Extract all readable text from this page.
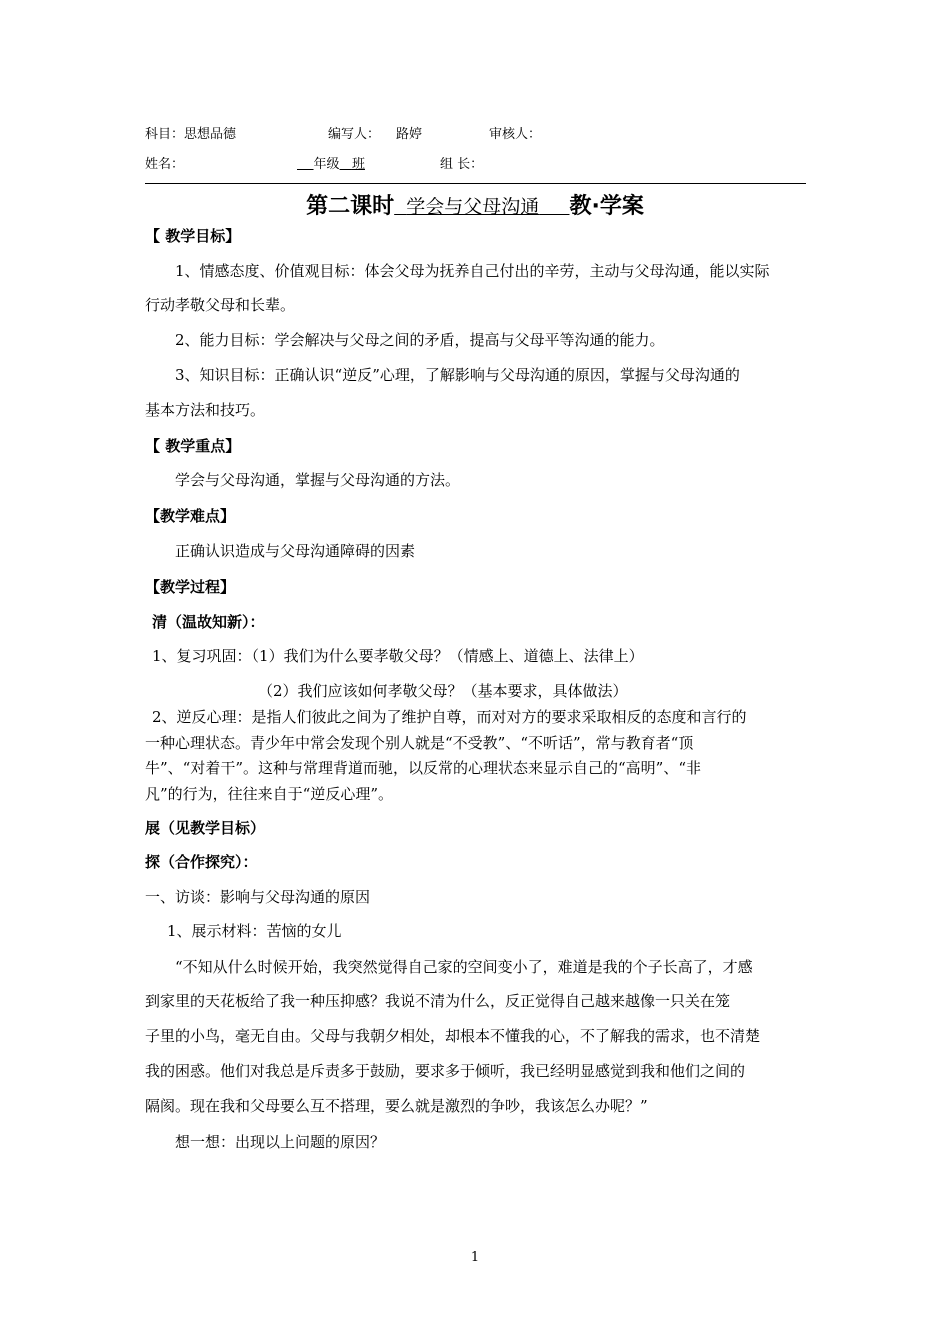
科目：思想品德	编写人： 路婷	审核人：
姓名：	年级 班	组 长：
第二课时 学会与父母沟通 教·学案
【 教学目标】
1、情感态度、价值观目标：体会父母为抚养自己付出的辛劳，主动与父母沟通，能以实际
行动孝敬父母和长辈。
2、能力目标：学会解决与父母之间的矛盾，提高与父母平等沟通的能力。
3、知识目标：正确认识“逆反”心理，了解影响与父母沟通的原因，掌握与父母沟通的
基本方法和技巧。
【 教学重点】
学会与父母沟通，掌握与父母沟通的方法。
【教学难点】
正确认识造成与父母沟通障碍的因素
【教学过程】
清（温故知新）：
1、复习巩固：（1）我们为什么要孝敬父母？（情感上、道德上、法律上）
（2）我们应该如何孝敬父母？（基本要求，具体做法）
2、逆反心理：是指人们彼此之间为了维护自尊，而对对方的要求采取相反的态度和言行的
一种心理状态。青少年中常会发现个别人就是“不受教”、“不听话”，常与教育者“顶
牛”、“对着干”。这种与常理背道而驰，以反常的心理状态来显示自己的“高明”、“非
凡”的行为，往往来自于“逆反心理”。
展（见教学目标）
探（合作探究）：
一、访谈：影响与父母沟通的原因
1、展示材料：苦恼的女儿
“不知从什么时候开始，我突然觉得自己家的空间变小了，难道是我的个子长高了，才感
到家里的天花板给了我一种压抑感？我说不清为什么，反正觉得自己越来越像一只关在笼
子里的小鸟，毫无自由。父母与我朝夕相处，却根本不懂我的心，不了解我的需求，也不清楚
我的困惑。他们对我总是斥责多于鼓励，要求多于倾听，我已经明显感觉到我和他们之间的
隔阂。现在我和父母要么互不搭理，要么就是激烈的争吵，我该怎么办呢？”
想一想：出现以上问题的原因？
1
